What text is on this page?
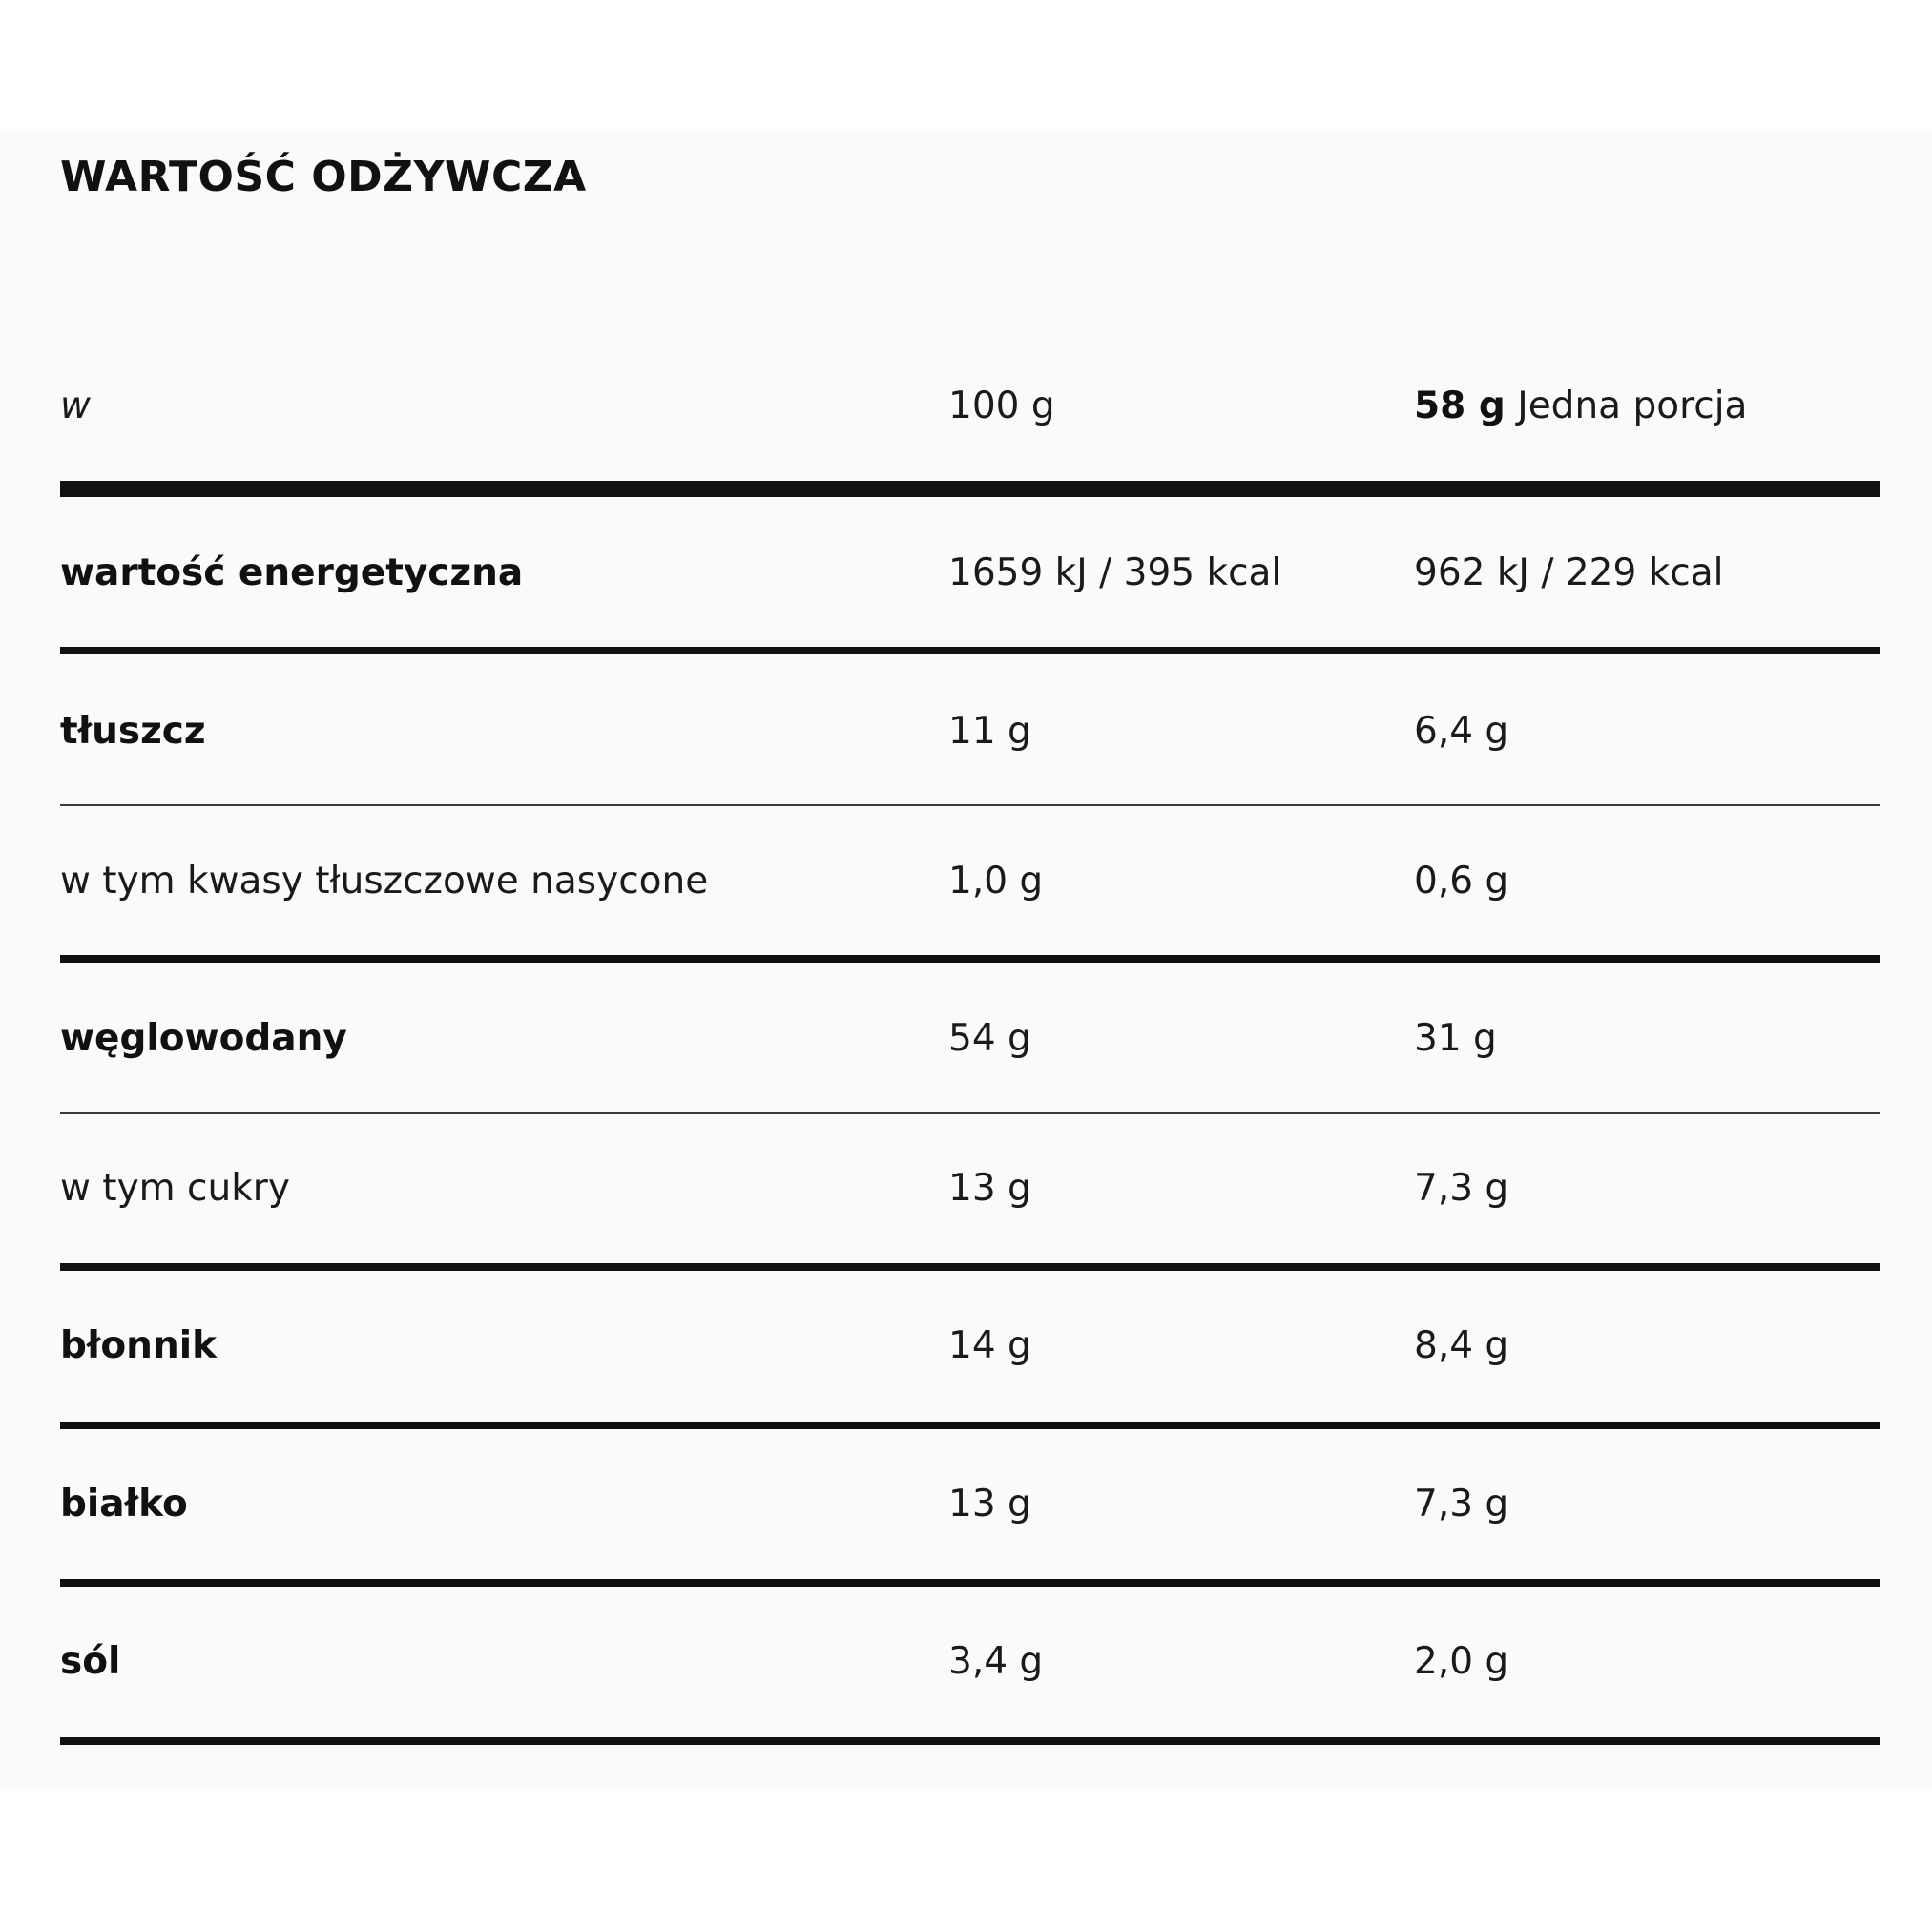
WARTOŚĆ ODŻYWCZA
w	100 g	58 g Jedna porcja
wartość energetyczna	1659 kJ / 395 kcal	962 kJ / 229 kcal
tłuszcz	11 g	6,4 g
w tym kwasy tłuszczowe nasycone	1,0 g	0,6 g
węglowodany	54 g	31 g
w tym cukry	13 g	7,3 g
błonnik	14 g	8,4 g
białko	13 g	7,3 g
sól	3,4 g	2,0 g
